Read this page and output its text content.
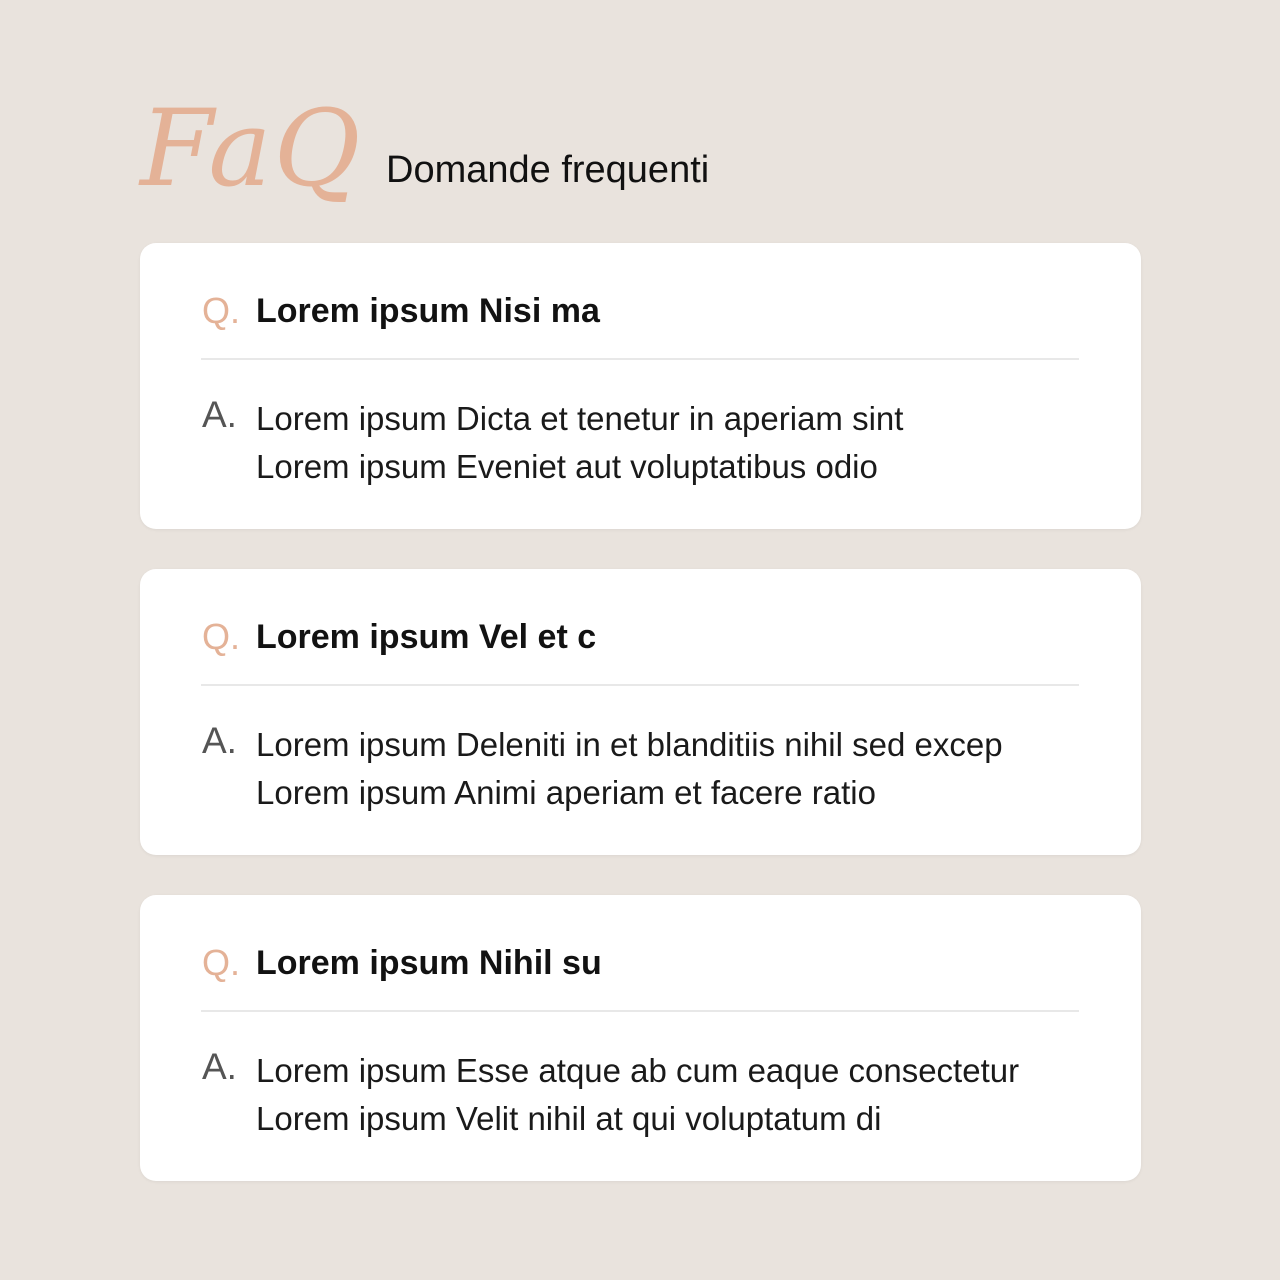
FaQ Domande frequenti
Q. Lorem ipsum Nisi ma
A. Lorem ipsum Dicta et tenetur in aperiam sint
Lorem ipsum Eveniet aut voluptatibus odio
Q. Lorem ipsum Vel et c
A. Lorem ipsum Deleniti in et blanditiis nihil sed excep
Lorem ipsum Animi aperiam et facere ratio
Q. Lorem ipsum Nihil su
A. Lorem ipsum Esse atque ab cum eaque consectetur
Lorem ipsum Velit nihil at qui voluptatum di
